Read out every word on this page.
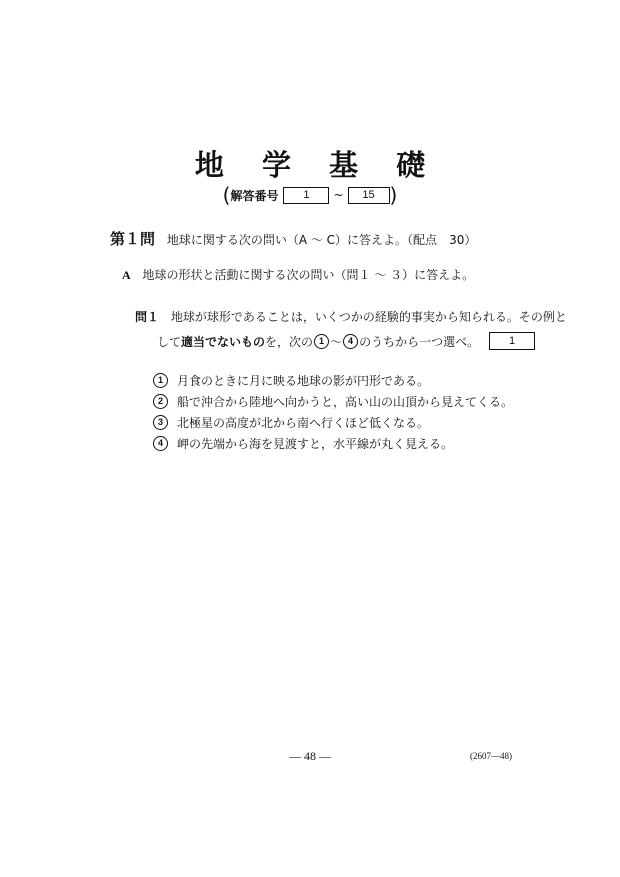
地 学 基 礎
( 解答番号	1	~	15 )
第１問 地球に関する次の問い（A ～ C）に答えよ。（配点　30）
A 地球の形状と活動に関する次の問い（問１ ～ ３）に答えよ。
問１ 地球が球形であることは，いくつかの経験的事実から知られる。その例と
して 適当でないもの を，次の 1 ～ 4 のうちから一つ選べ。	1
1	月食のときに月に映る地球の影が円形である。
2	船で沖合から陸地へ向かうと，高い山の山頂から見えてくる。
3	北極星の高度が北から南へ行くほど低くなる。
4	岬の先端から海を見渡すと，水平線が丸く見える。
— 48 —	(2607—48)
